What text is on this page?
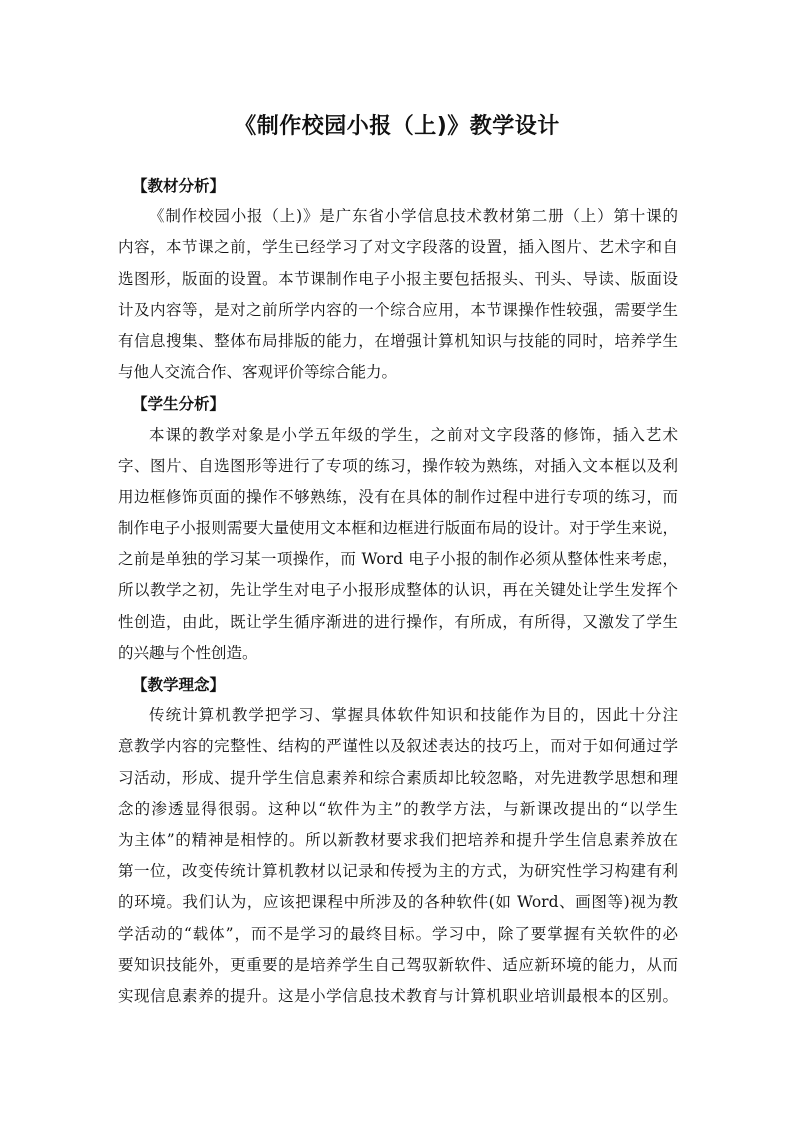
《制作校园小报（上)》教学设计
【教材分析】
《制作校园小报（上)》是广东省小学信息技术教材第二册（上）第十课的
内容，本节课之前，学生已经学习了对文字段落的设置，插入图片、艺术字和自
选图形，版面的设置。本节课制作电子小报主要包括报头、刊头、导读、版面设
计及内容等，是对之前所学内容的一个综合应用，本节课操作性较强，需要学生
有信息搜集、整体布局排版的能力，在增强计算机知识与技能的同时，培养学生
与他人交流合作、客观评价等综合能力。
【学生分析】
本课的教学对象是小学五年级的学生，之前对文字段落的修饰，插入艺术
字、图片、自选图形等进行了专项的练习，操作较为熟练，对插入文本框以及利
用边框修饰页面的操作不够熟练，没有在具体的制作过程中进行专项的练习，而
制作电子小报则需要大量使用文本框和边框进行版面布局的设计。对于学生来说，
之前是单独的学习某一项操作，而 Word 电子小报的制作必须从整体性来考虑，
所以教学之初，先让学生对电子小报形成整体的认识，再在关键处让学生发挥个
性创造，由此，既让学生循序渐进的进行操作，有所成，有所得，又激发了学生
的兴趣与个性创造。
【教学理念】
传统计算机教学把学习、掌握具体软件知识和技能作为目的，因此十分注
意教学内容的完整性、结构的严谨性以及叙述表达的技巧上，而对于如何通过学
习活动，形成、提升学生信息素养和综合素质却比较忽略，对先进教学思想和理
念的渗透显得很弱。这种以“软件为主”的教学方法，与新课改提出的“以学生
为主体”的精神是相悖的。所以新教材要求我们把培养和提升学生信息素养放在
第一位，改变传统计算机教材以记录和传授为主的方式，为研究性学习构建有利
的环境。我们认为，应该把课程中所涉及的各种软件(如 Word、画图等)视为教
学活动的“载体”，而不是学习的最终目标。学习中，除了要掌握有关软件的必
要知识技能外，更重要的是培养学生自己驾驭新软件、适应新环境的能力，从而
实现信息素养的提升。这是小学信息技术教育与计算机职业培训最根本的区别。
